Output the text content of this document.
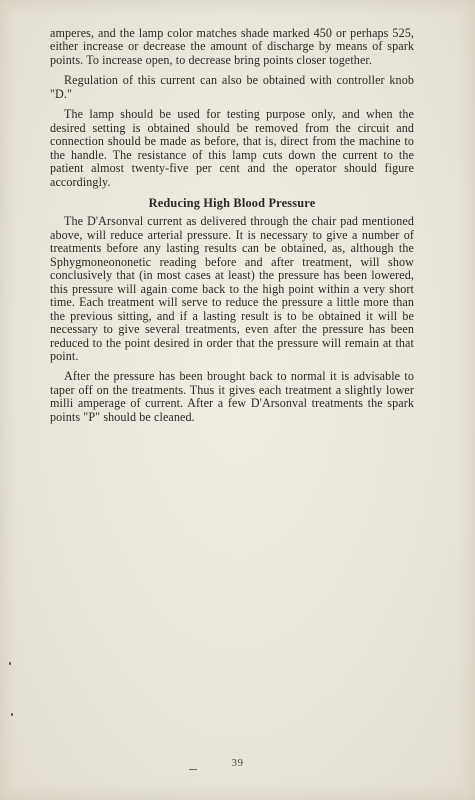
amperes, and the lamp color matches shade marked 450 or perhaps 525, either increase or decrease the amount of discharge by means of spark points. To increase open, to decrease bring points closer together.

Regulation of this current can also be obtained with controller knob "D."

The lamp should be used for testing purpose only, and when the desired setting is obtained should be removed from the circuit and connection should be made as before, that is, direct from the machine to the handle. The resistance of this lamp cuts down the current to the patient almost twenty-five per cent and the operator should figure accordingly.

Reducing High Blood Pressure

The D'Arsonval current as delivered through the chair pad mentioned above, will reduce arterial pressure. It is necessary to give a number of treatments before any lasting results can be obtained, as, although the Sphygmoneononetic reading before and after treatment, will show conclusively that (in most cases at least) the pressure has been lowered, this pressure will again come back to the high point within a very short time. Each treatment will serve to reduce the pressure a little more than the previous sitting, and if a lasting result is to be obtained it will be necessary to give several treatments, even after the pressure has been reduced to the point desired in order that the pressure will remain at that point.

After the pressure has been brought back to normal it is advisable to taper off on the treatments. Thus it gives each treatment a slightly lower milli amperage of current. After a few D'Arsonval treatments the spark points "P" should be cleaned.

39
